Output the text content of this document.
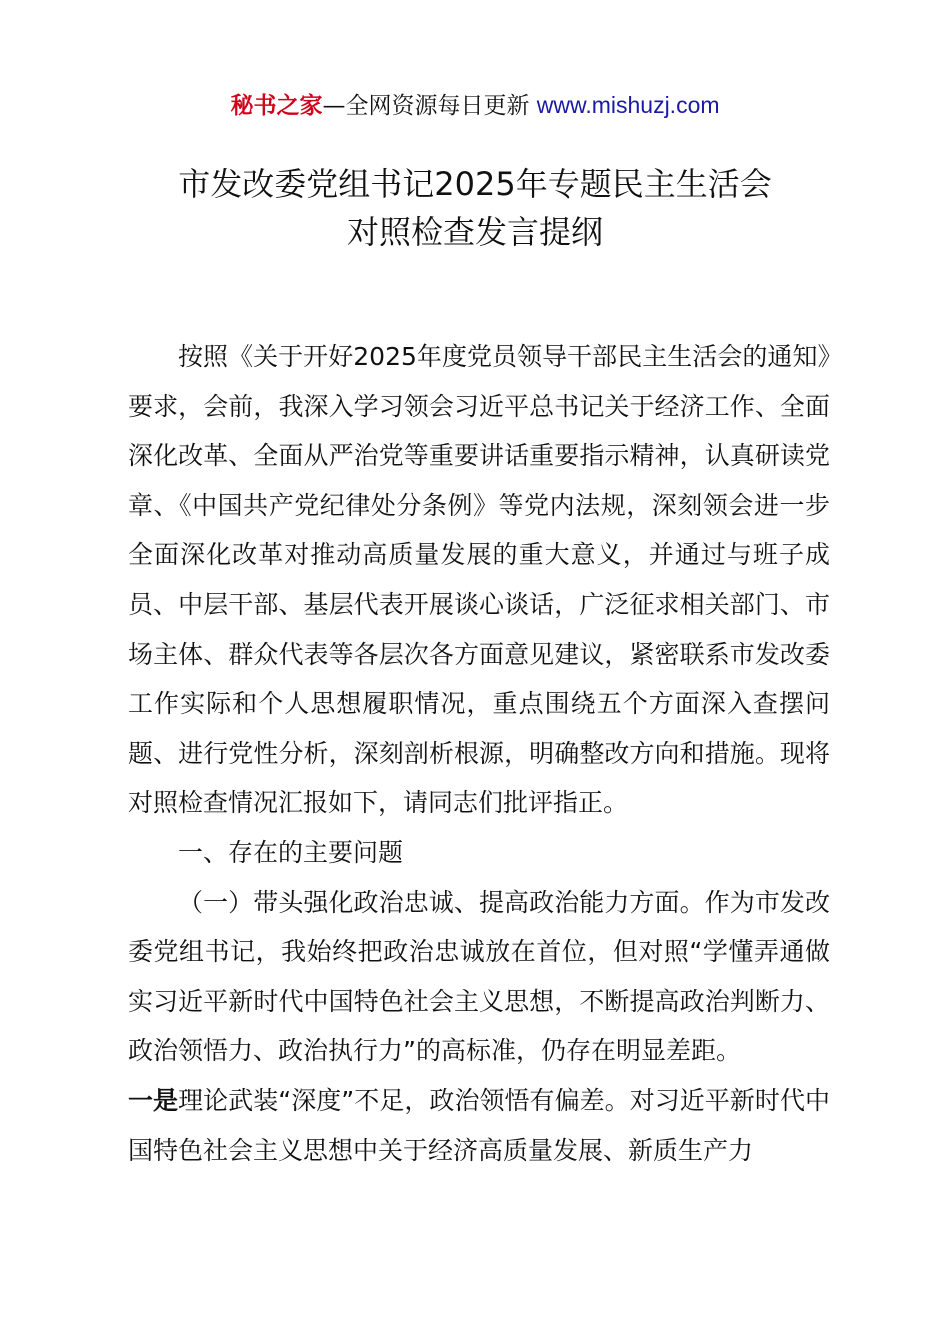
秘书之家—全网资源每日更新 www.mishuzj.com
市发改委党组书记2025年专题民主生活会
对照检查发言提纲

按照《关于开好2025年度党员领导干部民主生活会的通知》要求，会前，我深入学习领会习近平总书记关于经济工作、全面深化改革、全面从严治党等重要讲话重要指示精神，认真研读党章、《中国共产党纪律处分条例》等党内法规，深刻领会进一步全面深化改革对推动高质量发展的重大意义，并通过与班子成员、中层干部、基层代表开展谈心谈话，广泛征求相关部门、市场主体、群众代表等各层次各方面意见建议，紧密联系市发改委工作实际和个人思想履职情况，重点围绕五个方面深入查摆问题、进行党性分析，深刻剖析根源，明确整改方向和措施。现将对照检查情况汇报如下，请同志们批评指正。

一、存在的主要问题

（一）带头强化政治忠诚、提高政治能力方面。作为市发改委党组书记，我始终把政治忠诚放在首位，但对照“学懂弄通做实习近平新时代中国特色社会主义思想，不断提高政治判断力、政治领悟力、政治执行力”的高标准，仍存在明显差距。

一是理论武装“深度”不足，政治领悟有偏差。对习近平新时代中国特色社会主义思想中关于经济高质量发展、新质生产力
